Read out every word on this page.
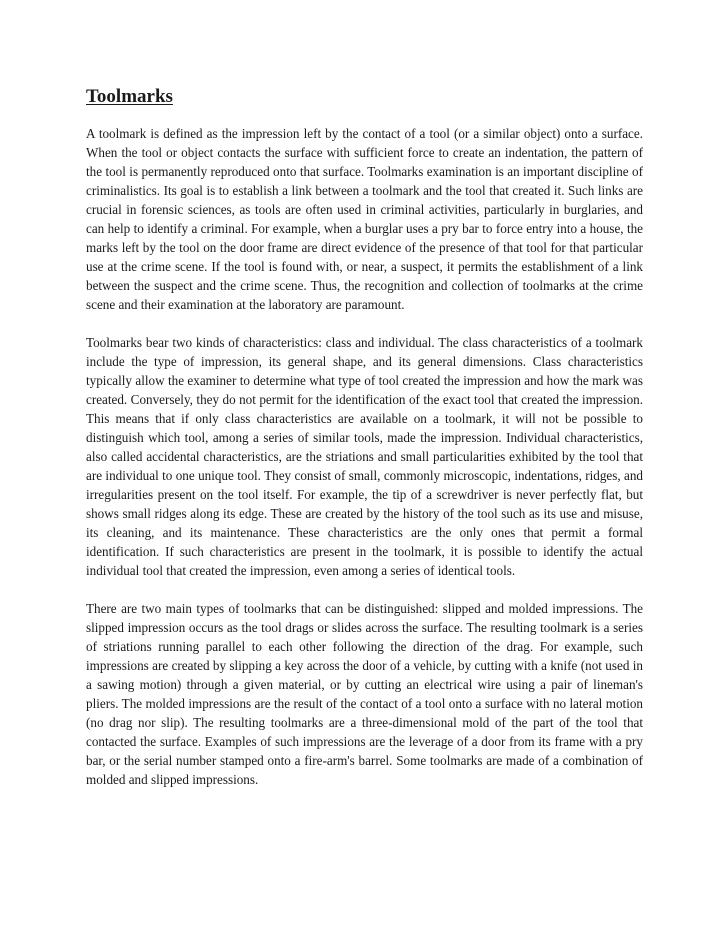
Toolmarks

A toolmark is defined as the impression left by the contact of a tool (or a similar object) onto a surface. When the tool or object contacts the surface with sufficient force to create an indentation, the pattern of the tool is permanently reproduced onto that surface. Toolmarks examination is an important discipline of criminalistics. Its goal is to establish a link between a toolmark and the tool that created it. Such links are crucial in forensic sciences, as tools are often used in criminal activities, particularly in burglaries, and can help to identify a criminal. For example, when a burglar uses a pry bar to force entry into a house, the marks left by the tool on the door frame are direct evidence of the presence of that tool for that particular use at the crime scene. If the tool is found with, or near, a suspect, it permits the establishment of a link between the suspect and the crime scene. Thus, the recognition and collection of toolmarks at the crime scene and their examination at the laboratory are paramount.

Toolmarks bear two kinds of characteristics: class and individual. The class characteristics of a toolmark include the type of impression, its general shape, and its general dimensions. Class characteristics typically allow the examiner to determine what type of tool created the impression and how the mark was created. Conversely, they do not permit for the identification of the exact tool that created the impression. This means that if only class characteristics are available on a toolmark, it will not be possible to distinguish which tool, among a series of similar tools, made the impression. Individual characteristics, also called accidental characteristics, are the striations and small particularities exhibited by the tool that are individual to one unique tool. They consist of small, commonly microscopic, indentations, ridges, and irregularities present on the tool itself. For example, the tip of a screwdriver is never perfectly flat, but shows small ridges along its edge. These are created by the history of the tool such as its use and misuse, its cleaning, and its maintenance. These characteristics are the only ones that permit a formal identification. If such characteristics are present in the toolmark, it is possible to identify the actual individual tool that created the impression, even among a series of identical tools.

There are two main types of toolmarks that can be distinguished: slipped and molded impressions. The slipped impression occurs as the tool drags or slides across the surface. The resulting toolmark is a series of striations running parallel to each other following the direction of the drag. For example, such impressions are created by slipping a key across the door of a vehicle, by cutting with a knife (not used in a sawing motion) through a given material, or by cutting an electrical wire using a pair of lineman's pliers. The molded impressions are the result of the contact of a tool onto a surface with no lateral motion (no drag nor slip). The resulting toolmarks are a three-dimensional mold of the part of the tool that contacted the surface. Examples of such impressions are the leverage of a door from its frame with a pry bar, or the serial number stamped onto a fire-arm's barrel. Some toolmarks are made of a combination of molded and slipped impressions.
